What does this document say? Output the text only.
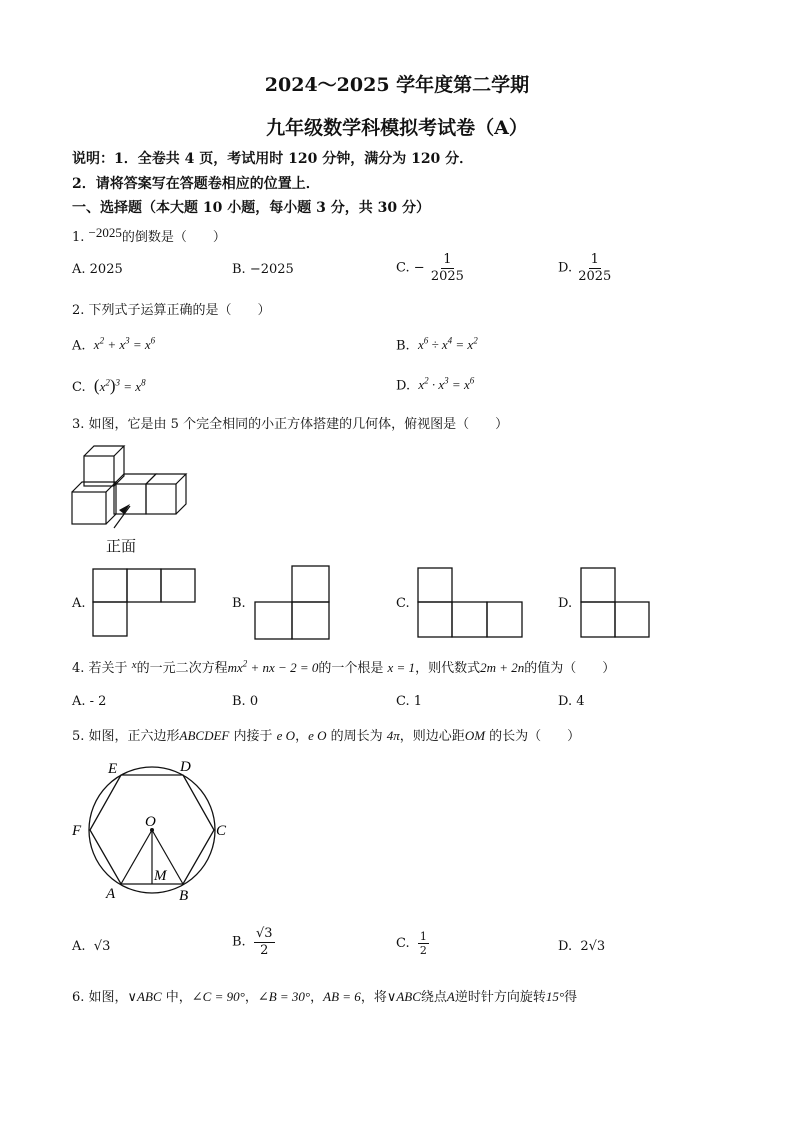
2024～2025 学年度第二学期
九年级数学科模拟考试卷（A）
说明：1．全卷共 4 页，考试用时 120 分钟，满分为 120 分．
2．请将答案写在答题卷相应的位置上．
一、选择题（本大题 10 小题，每小题 3 分，共 30 分）
1. −2025的倒数是（　　）
A. 2025	B. −2025	C. − $\frac{1}{2025}$	D. $\frac{1}{2025}$
2. 下列式子运算正确的是（　　）
A. $x^2 + x^3 = x^6$	B. $x^6 \div x^4 = x^2$
C. $(x^2)^3 = x^8$	D. $x^2 \cdot x^3 = x^6$
3. 如图，它是由 5 个完全相同的小正方体搭建的几何体，俯视图是（　　）
正面
A.	B.	C.	D.
4. 若关于 $^x$的一元二次方程$mx^2$ + nx − 2 = 0的一个根是 x = 1，则代数式2m + 2n的值为（　　）
A. - 2	B. 0	C. 1	D. 4
5. 如图，正六边形ABCDEF 内接于 e O，e O 的周长为 4π，则边心距OM 的长为（　　）
E	D
F	C
O
M
A	B
A. √3	B. $\frac{√3}{2}$	C. $\frac{1}{2}$	D. 2√3
6. 如图，∨ABC 中，∠C = 90°，∠B = 30°，AB = 6，将∨ABC绕点A逆时针方向旋转15°得
